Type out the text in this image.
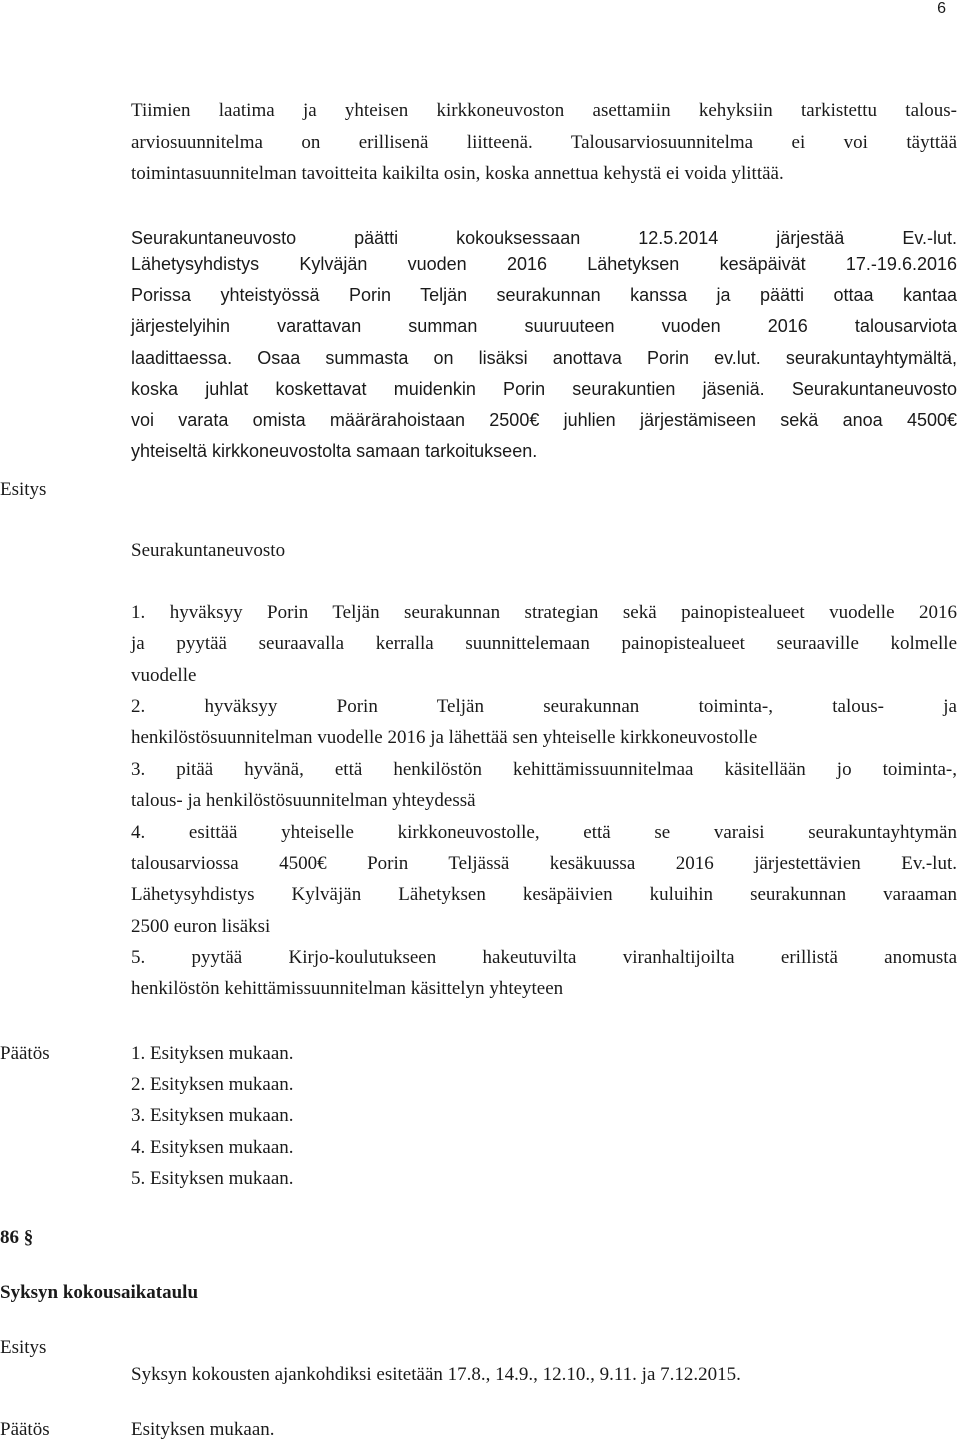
6
Tiimien laatima ja yhteisen kirkkoneuvoston asettamiin kehyksiin tarkistettu talous-
arviosuunnitelma on erillisenä liitteenä. Talousarviosuunnitelma ei voi täyttää
toimintasuunnitelman tavoitteita kaikilta osin, koska annettua kehystä ei voida ylittää.
Seurakuntaneuvosto päätti kokouksessaan 12.5.2014 järjestää Ev.-lut.
Lähetysyhdistys Kylväjän vuoden 2016 Lähetyksen kesäpäivät 17.-19.6.2016
Porissa yhteistyössä Porin Teljän seurakunnan kanssa ja päätti ottaa kantaa
järjestelyihin varattavan summan suuruuteen vuoden 2016 talousarviota
laadittaessa. Osaa summasta on lisäksi anottava Porin ev.lut. seurakuntayhtymältä,
koska juhlat koskettavat muidenkin Porin seurakuntien jäseniä. Seurakuntaneuvosto
voi varata omista määrärahoistaan 2500€ juhlien järjestämiseen sekä anoa 4500€
yhteiseltä kirkkoneuvostolta samaan tarkoitukseen.
Esitys
Seurakuntaneuvosto
1. hyväksyy Porin Teljän seurakunnan strategian sekä painopistealueet vuodelle 2016
ja pyytää seuraavalla kerralla suunnittelemaan painopistealueet seuraaville kolmelle
vuodelle
2. hyväksyy Porin Teljän seurakunnan toiminta-, talous- ja
henkilöstösuunnitelman vuodelle 2016 ja lähettää sen yhteiselle kirkkoneuvostolle
3. pitää hyvänä, että henkilöstön kehittämissuunnitelmaa käsitellään jo toiminta-,
talous- ja henkilöstösuunnitelman yhteydessä
4. esittää yhteiselle kirkkoneuvostolle, että se varaisi seurakuntayhtymän
talousarviossa 4500€ Porin Teljässä kesäkuussa 2016 järjestettävien Ev.-lut.
Lähetysyhdistys Kylväjän Lähetyksen kesäpäivien kuluihin seurakunnan varaaman
2500 euron lisäksi
5. pyytää Kirjo-koulutukseen hakeutuvilta viranhaltijoilta erillistä anomusta
henkilöstön kehittämissuunnitelman käsittelyn yhteyteen
Päätös	1. Esityksen mukaan.
2. Esityksen mukaan.
3. Esityksen mukaan.
4. Esityksen mukaan.
5. Esityksen mukaan.
86 §
Syksyn kokousaikataulu
Esitys
Syksyn kokousten ajankohdiksi esitetään 17.8., 14.9., 12.10., 9.11. ja 7.12.2015.
Päätös	Esityksen mukaan.
